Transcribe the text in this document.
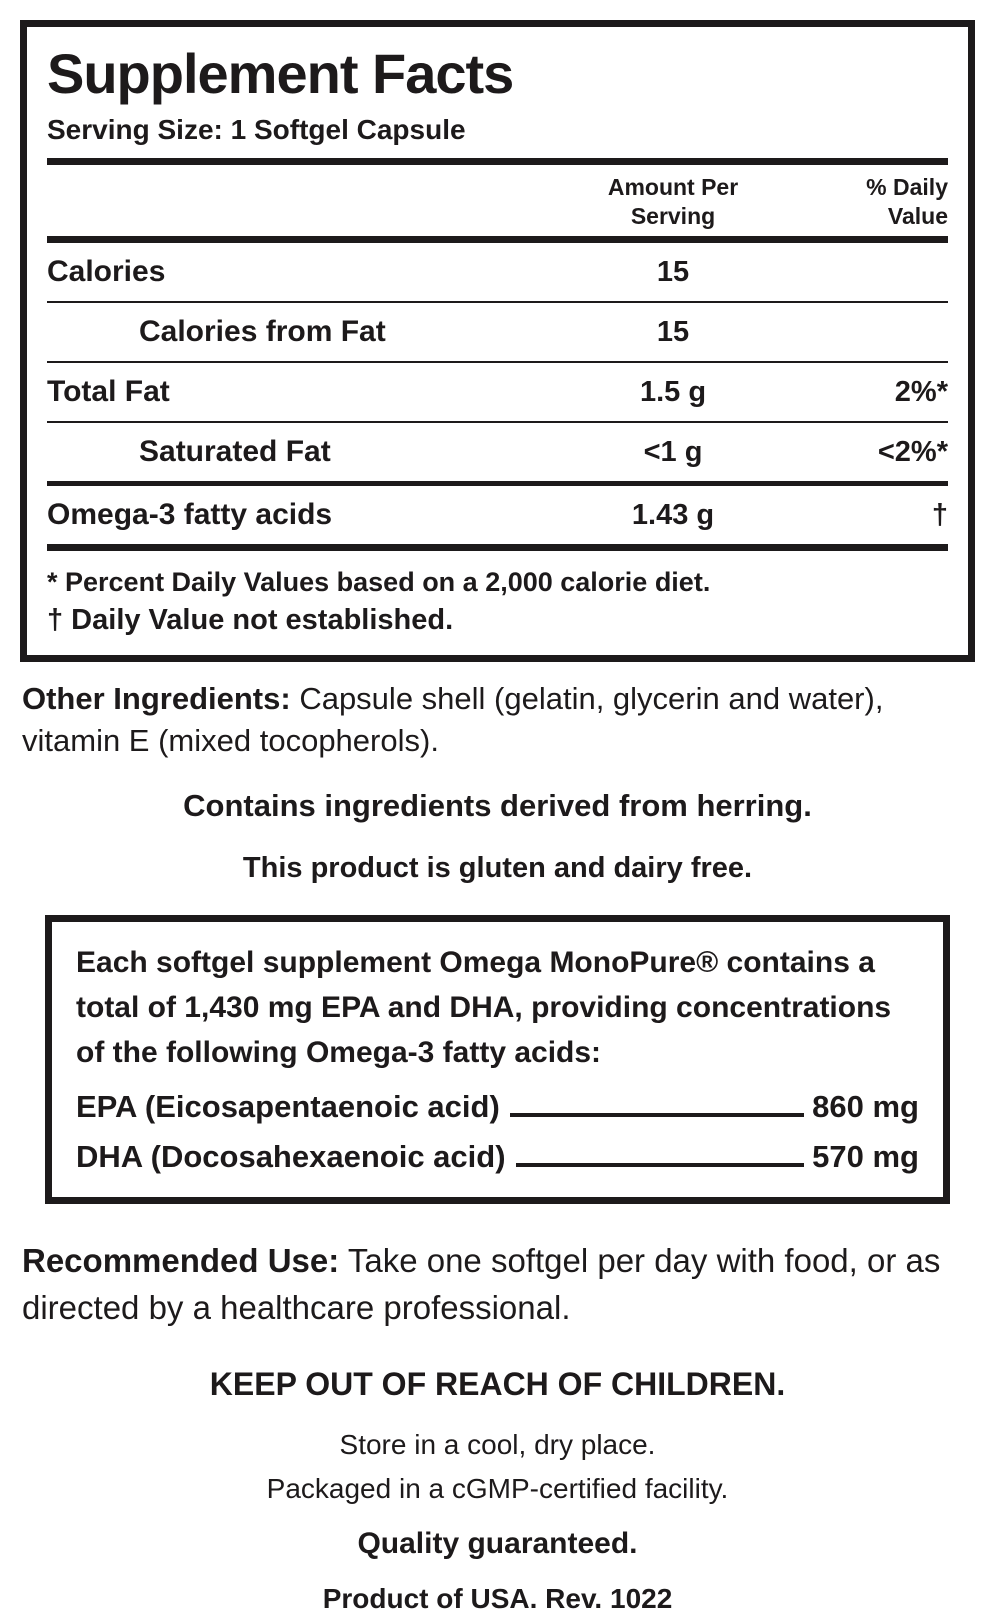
Supplement Facts
Serving Size: 1 Softgel Capsule
Amount Per
Serving
% Daily
Value
Calories	15
Calories from Fat	15
Total Fat	1.5 g	2%*
Saturated Fat	<1 g	<2%*
Omega-3 fatty acids	1.43 g	†
* Percent Daily Values based on a 2,000 calorie diet.
† Daily Value not established.
Other Ingredients: Capsule shell (gelatin, glycerin and water), vitamin E (mixed tocopherols).
Contains ingredients derived from herring.
This product is gluten and dairy free.
Each softgel supplement Omega MonoPure® contains a total of 1,430 mg EPA and DHA, providing concentrations of the following Omega-3 fatty acids:
EPA (Eicosapentaenoic acid)	860 mg
DHA (Docosahexaenoic acid)	570 mg
Recommended Use: Take one softgel per day with food, or as directed by a healthcare professional.
KEEP OUT OF REACH OF CHILDREN.
Store in a cool, dry place.
Packaged in a cGMP-certified facility.
Quality guaranteed.
Product of USA. Rev. 1022
